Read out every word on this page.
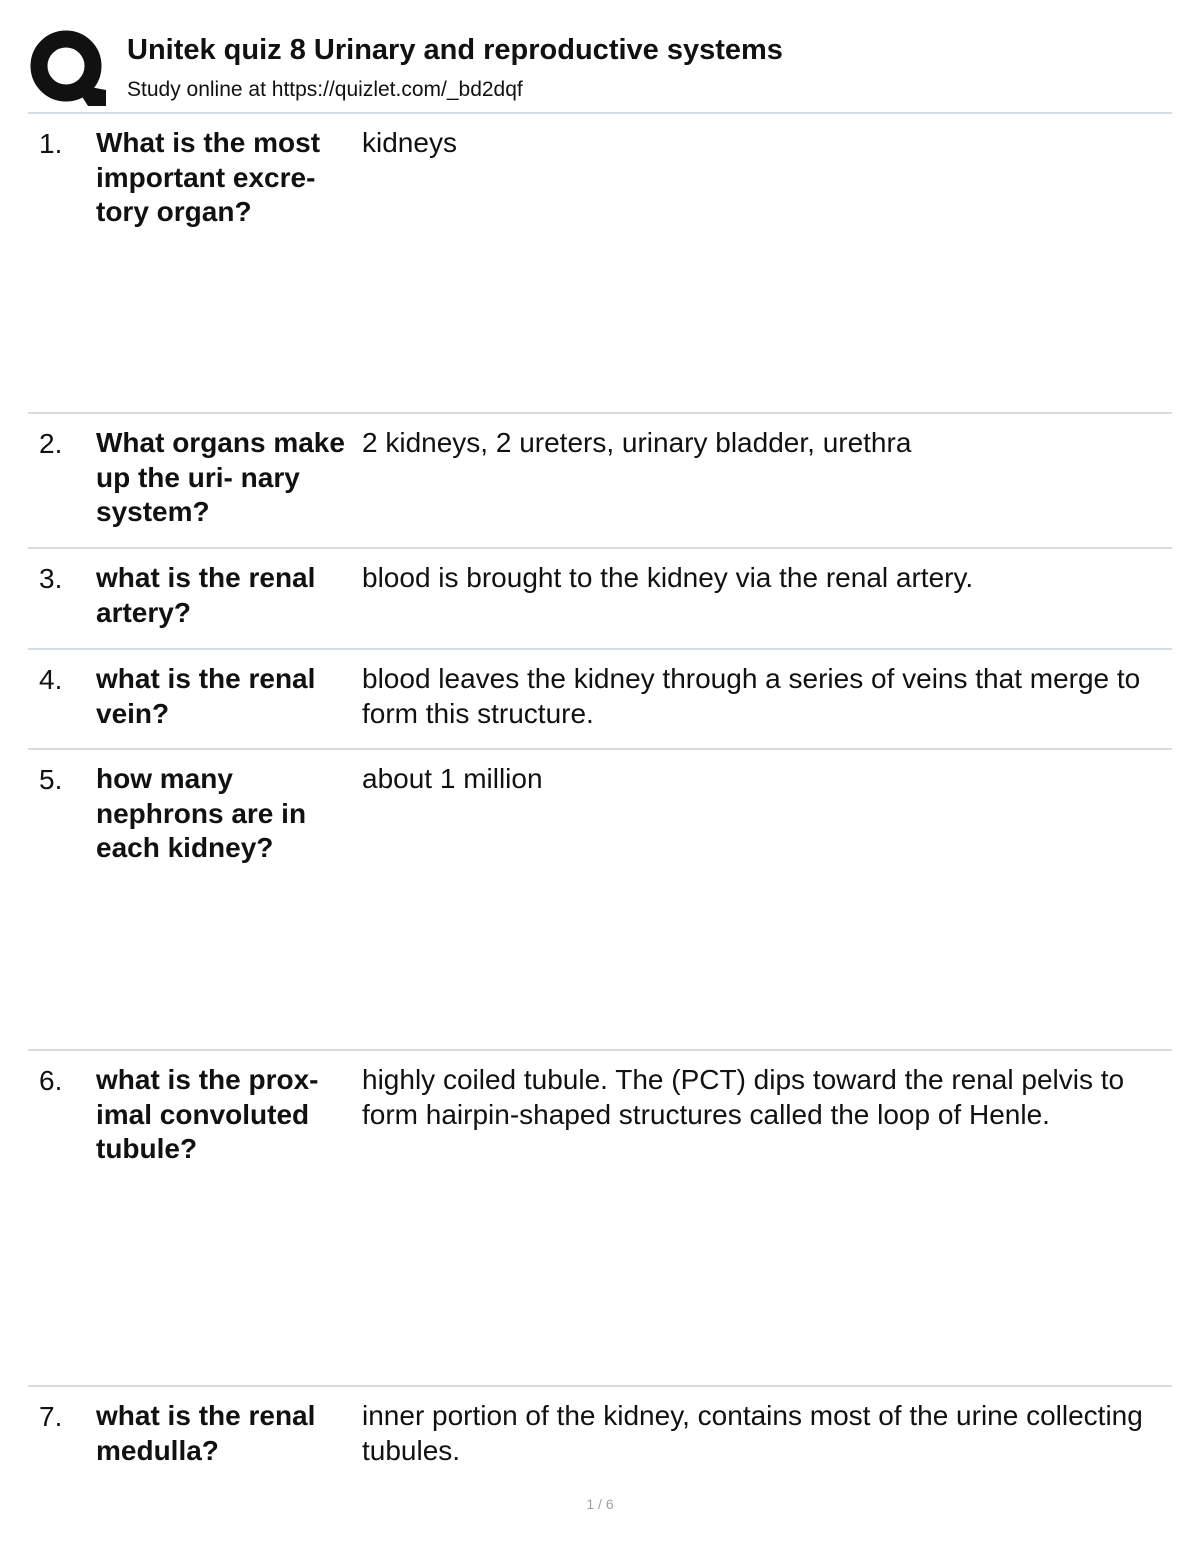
Unitek quiz 8 Urinary and reproductive systems
Study online at https://quizlet.com/_bd2dqf
1. What is the most important excre- tory organ?
kidneys
2. What organs make up the uri- nary system?
2 kidneys, 2 ureters, urinary bladder, urethra
3. what is the renal artery?
blood is brought to the kidney via the renal artery.
4. what is the renal vein?
blood leaves the kidney through a series of veins that merge to form this structure.
5. how many nephrons are in each kidney?
about 1 million
6. what is the prox- imal convoluted tubule?
highly coiled tubule. The (PCT) dips toward the renal pelvis to form hairpin-shaped structures called the loop of Henle.
7. what is the renal medulla?
inner portion of the kidney, contains most of the urine collecting tubules.
1 / 6
